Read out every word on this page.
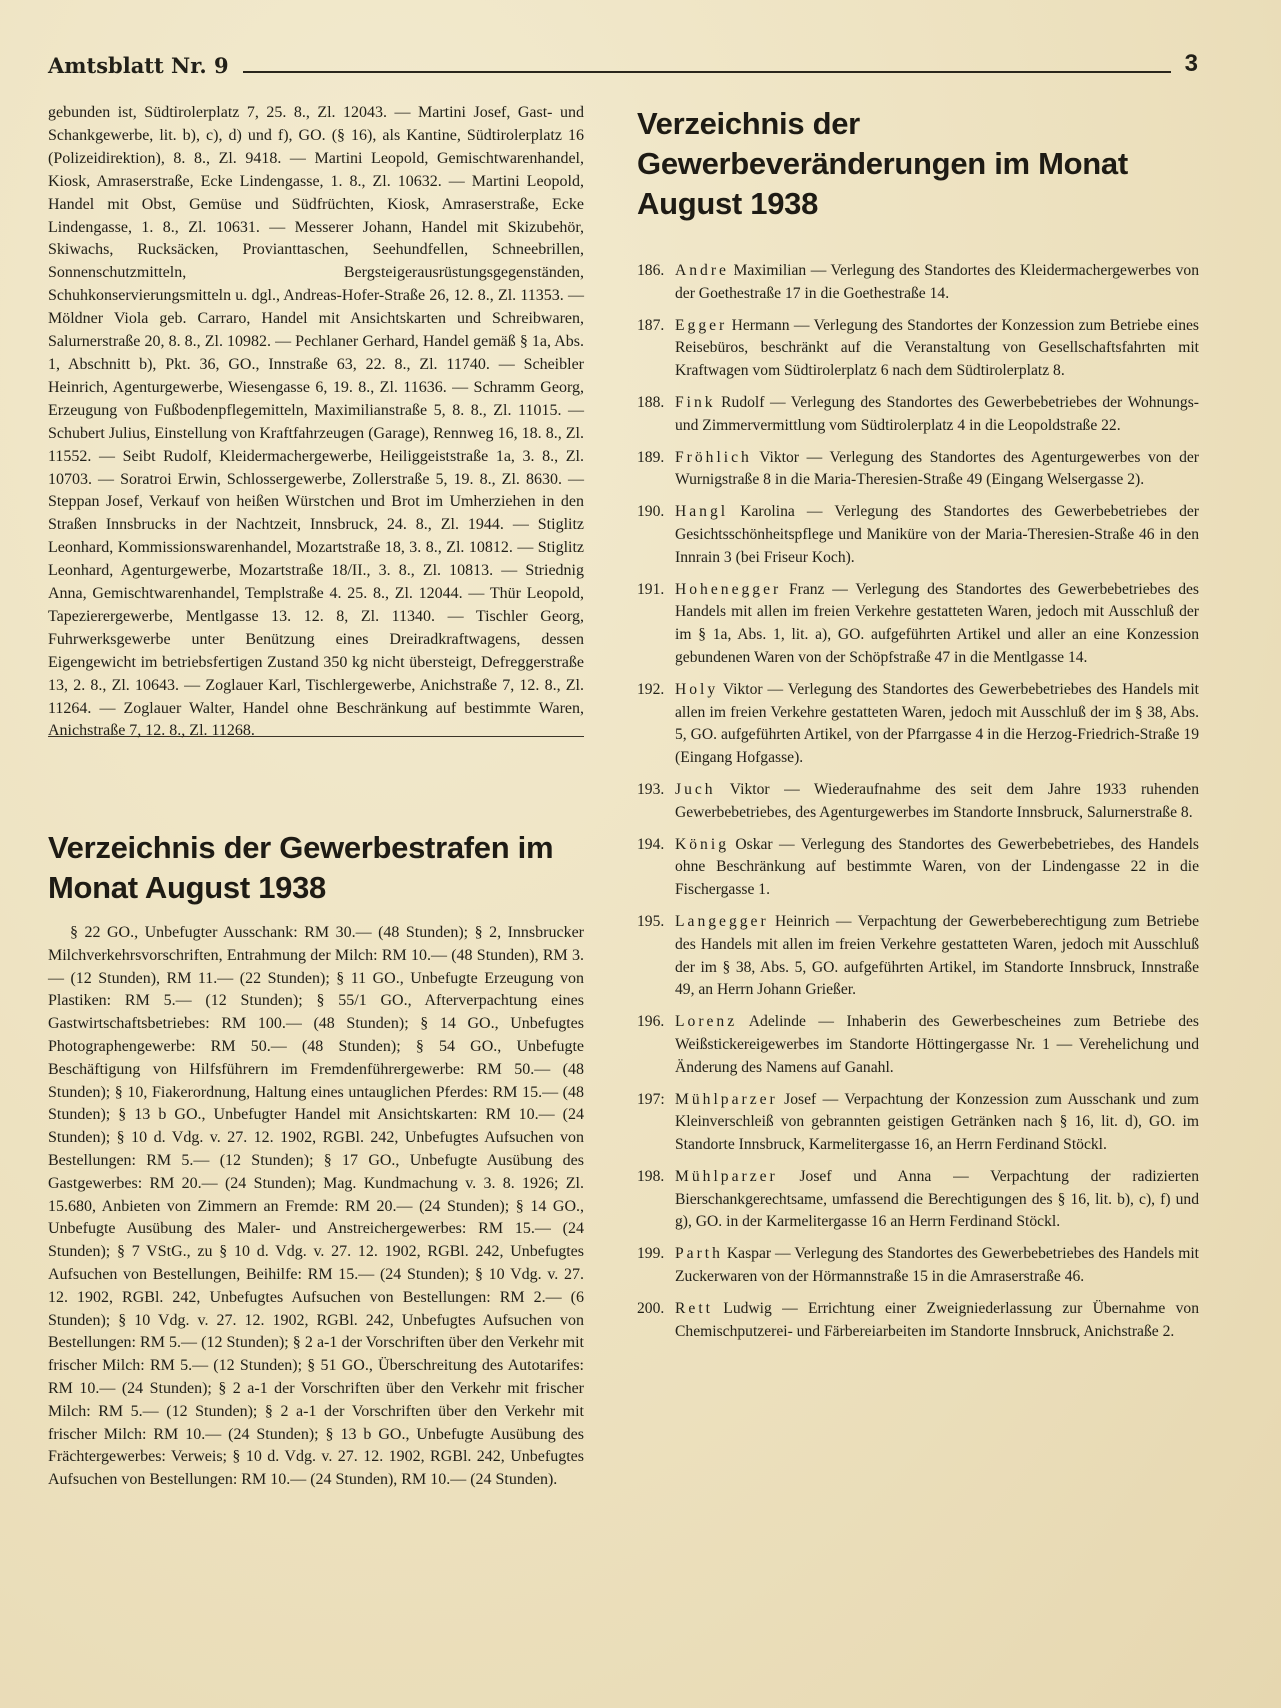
Amtsblatt Nr. 9	3

gebunden ist, Südtirolerplatz 7, 25. 8., Zl. 12043. — Martini Josef, Gast- und Schankgewerbe, lit. b), c), d) und f), GO. (§ 16), als Kantine, Südtirolerplatz 16 (Polizeidirektion), 8. 8., Zl. 9418. — Martini Leopold, Gemischtwarenhandel, Kiosk, Amraserstraße, Ecke Lindengasse, 1. 8., Zl. 10632. — Martini Leopold, Handel mit Obst, Gemüse und Südfrüchten, Kiosk, Amraserstraße, Ecke Lindengasse, 1. 8., Zl. 10631. — Messerer Johann, Handel mit Skizubehör, Skiwachs, Rucksäcken, Provianttaschen, Seehundfellen, Schneebrillen, Sonnenschutzmitteln, Bergsteigerausrüstungsgegenständen, Schuhkonservierungsmitteln u. dgl., Andreas-Hofer-Straße 26, 12. 8., Zl. 11353. — Möldner Viola geb. Carraro, Handel mit Ansichtskarten und Schreibwaren, Salurnerstraße 20, 8. 8., Zl. 10982. — Pechlaner Gerhard, Handel gemäß § 1a, Abs. 1, Abschnitt b), Pkt. 36, GO., Innstraße 63, 22. 8., Zl. 11740. — Scheibler Heinrich, Agenturgewerbe, Wiesengasse 6, 19. 8., Zl. 11636. — Schramm Georg, Erzeugung von Fußbodenpflegemitteln, Maximilianstraße 5, 8. 8., Zl. 11015. — Schubert Julius, Einstellung von Kraftfahrzeugen (Garage), Rennweg 16, 18. 8., Zl. 11552. — Seibt Rudolf, Kleidermachergewerbe, Heiliggeiststraße 1a, 3. 8., Zl. 10703. — Soratroi Erwin, Schlossergewerbe, Zollerstraße 5, 19. 8., Zl. 8630. — Steppan Josef, Verkauf von heißen Würstchen und Brot im Umherziehen in den Straßen Innsbrucks in der Nachtzeit, Innsbruck, 24. 8., Zl. 1944. — Stiglitz Leonhard, Kommissionswarenhandel, Mozartstraße 18, 3. 8., Zl. 10812. — Stiglitz Leonhard, Agenturgewerbe, Mozartstraße 18/II., 3. 8., Zl. 10813. — Striednig Anna, Gemischtwarenhandel, Templstraße 4. 25. 8., Zl. 12044. — Thür Leopold, Tapezierergewerbe, Mentlgasse 13. 12. 8, Zl. 11340. — Tischler Georg, Fuhrwerksgewerbe unter Benützung eines Dreiradkraftwagens, dessen Eigengewicht im betriebsfertigen Zustand 350 kg nicht übersteigt, Defreggerstraße 13, 2. 8., Zl. 10643. — Zoglauer Karl, Tischlergewerbe, Anichstraße 7, 12. 8., Zl. 11264. — Zoglauer Walter, Handel ohne Beschränkung auf bestimmte Waren, Anichstraße 7, 12. 8., Zl. 11268.

Verzeichnis der Gewerbestrafen im Monat August 1938

§ 22 GO., Unbefugter Ausschank: RM 30.— (48 Stunden); § 2, Innsbrucker Milchverkehrsvorschriften, Entrahmung der Milch: RM 10.— (48 Stunden), RM 3.— (12 Stunden), RM 11.— (22 Stunden); § 11 GO., Unbefugte Erzeugung von Plastiken: RM 5.— (12 Stunden); § 55/1 GO., Afterverpachtung eines Gastwirtschaftsbetriebes: RM 100.— (48 Stunden); § 14 GO., Unbefugtes Photographengewerbe: RM 50.— (48 Stunden); § 54 GO., Unbefugte Beschäftigung von Hilfsführern im Fremdenführergewerbe: RM 50.— (48 Stunden); § 10, Fiakerordnung, Haltung eines untauglichen Pferdes: RM 15.— (48 Stunden); § 13 b GO., Unbefugter Handel mit Ansichtskarten: RM 10.— (24 Stunden); § 10 d. Vdg. v. 27. 12. 1902, RGBl. 242, Unbefugtes Aufsuchen von Bestellungen: RM 5.— (12 Stunden); § 17 GO., Unbefugte Ausübung des Gastgewerbes: RM 20.— (24 Stunden); Mag. Kundmachung v. 3. 8. 1926; Zl. 15.680, Anbieten von Zimmern an Fremde: RM 20.— (24 Stunden); § 14 GO., Unbefugte Ausübung des Maler- und Anstreichergewerbes: RM 15.— (24 Stunden); § 7 VStG., zu § 10 d. Vdg. v. 27. 12. 1902, RGBl. 242, Unbefugtes Aufsuchen von Bestellungen, Beihilfe: RM 15.— (24 Stunden); § 10 Vdg. v. 27. 12. 1902, RGBl. 242, Unbefugtes Aufsuchen von Bestellungen: RM 2.— (6 Stunden); § 10 Vdg. v. 27. 12. 1902, RGBl. 242, Unbefugtes Aufsuchen von Bestellungen: RM 5.— (12 Stunden); § 2 a-1 der Vorschriften über den Verkehr mit frischer Milch: RM 5.— (12 Stunden); § 51 GO., Überschreitung des Autotarifes: RM 10.— (24 Stunden); § 2 a-1 der Vorschriften über den Verkehr mit frischer Milch: RM 5.— (12 Stunden); § 2 a-1 der Vorschriften über den Verkehr mit frischer Milch: RM 10.— (24 Stunden); § 13 b GO., Unbefugte Ausübung des Frächtergewerbes: Verweis; § 10 d. Vdg. v. 27. 12. 1902, RGBl. 242, Unbefugtes Aufsuchen von Bestellungen: RM 10.— (24 Stunden), RM 10.— (24 Stunden).

Verzeichnis der Gewerbeveränderungen im Monat August 1938
186. Andre Maximilian — Verlegung des Standortes des Kleidermachergewerbes von der Goethestraße 17 in die Goethestraße 14.
187. Egger Hermann — Verlegung des Standortes der Konzession zum Betriebe eines Reisebüros, beschränkt auf die Veranstaltung von Gesellschaftsfahrten mit Kraftwagen vom Südtirolerplatz 6 nach dem Südtirolerplatz 8.
188. Fink Rudolf — Verlegung des Standortes des Gewerbebetriebes der Wohnungs- und Zimmervermittlung vom Südtirolerplatz 4 in die Leopoldstraße 22.
189. Fröhlich Viktor — Verlegung des Standortes des Agenturgewerbes von der Wurnigstraße 8 in die Maria-Theresien-Straße 49 (Eingang Welsergasse 2).
190. Hangl Karolina — Verlegung des Standortes des Gewerbebetriebes der Gesichtsschönheitspflege und Maniküre von der Maria-Theresien-Straße 46 in den Innrain 3 (bei Friseur Koch).
191. Hohenegger Franz — Verlegung des Standortes des Gewerbebetriebes des Handels mit allen im freien Verkehre gestatteten Waren, jedoch mit Ausschluß der im § 1a, Abs. 1, lit. a), GO. aufgeführten Artikel und aller an eine Konzession gebundenen Waren von der Schöpfstraße 47 in die Mentlgasse 14.
192. Holy Viktor — Verlegung des Standortes des Gewerbebetriebes des Handels mit allen im freien Verkehre gestatteten Waren, jedoch mit Ausschluß der im § 38, Abs. 5, GO. aufgeführten Artikel, von der Pfarrgasse 4 in die Herzog-Friedrich-Straße 19 (Eingang Hofgasse).
193. Juch Viktor — Wiederaufnahme des seit dem Jahre 1933 ruhenden Gewerbebetriebes, des Agenturgewerbes im Standorte Innsbruck, Salurnerstraße 8.
194. König Oskar — Verlegung des Standortes des Gewerbebetriebes, des Handels ohne Beschränkung auf bestimmte Waren, von der Lindengasse 22 in die Fischergasse 1.
195. Langegger Heinrich — Verpachtung der Gewerbeberechtigung zum Betriebe des Handels mit allen im freien Verkehre gestatteten Waren, jedoch mit Ausschluß der im § 38, Abs. 5, GO. aufgeführten Artikel, im Standorte Innsbruck, Innstraße 49, an Herrn Johann Grießer.
196. Lorenz Adelinde — Inhaberin des Gewerbescheines zum Betriebe des Weißstickereigewerbes im Standorte Höttingergasse Nr. 1 — Verehelichung und Änderung des Namens auf Ganahl.
197: Mühlparzer Josef — Verpachtung der Konzession zum Ausschank und zum Kleinverschleiß von gebrannten geistigen Getränken nach § 16, lit. d), GO. im Standorte Innsbruck, Karmelitergasse 16, an Herrn Ferdinand Stöckl.
198. Mühlparzer Josef und Anna — Verpachtung der radizierten Bierschankgerechtsame, umfassend die Berechtigungen des § 16, lit. b), c), f) und g), GO. in der Karmelitergasse 16 an Herrn Ferdinand Stöckl.
199. Parth Kaspar — Verlegung des Standortes des Gewerbebetriebes des Handels mit Zuckerwaren von der Hörmannstraße 15 in die Amraserstraße 46.
200. Rett Ludwig — Errichtung einer Zweigniederlassung zur Übernahme von Chemischputzerei- und Färbereiarbeiten im Standorte Innsbruck, Anichstraße 2.
